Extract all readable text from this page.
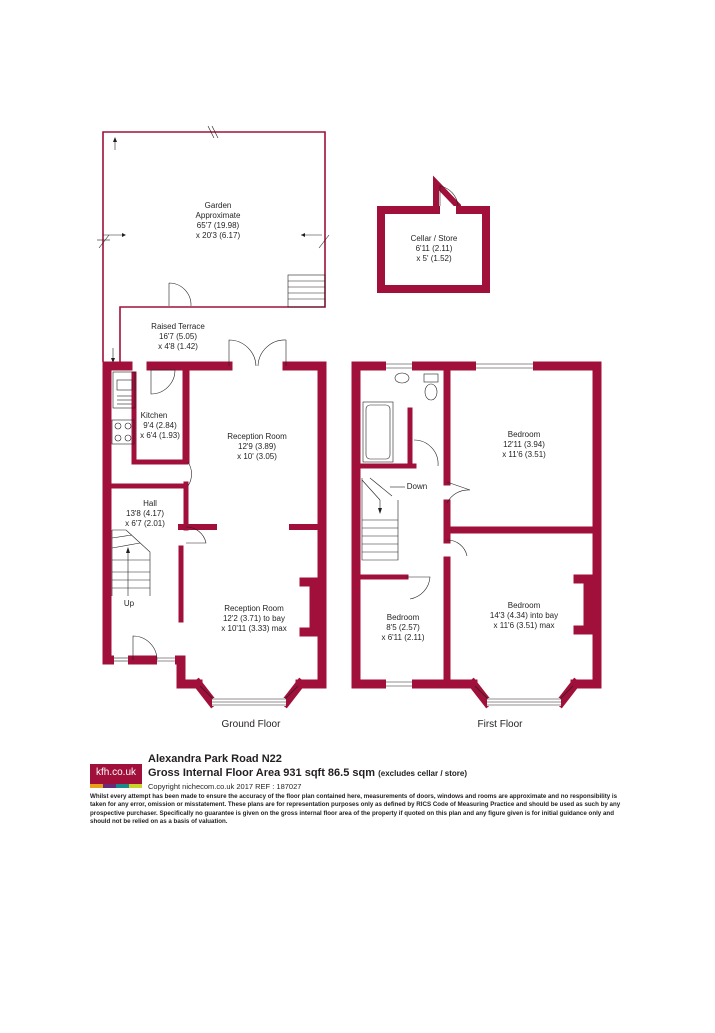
Garden
Approximate
65'7 (19.98)
x 20'3 (6.17)
Raised Terrace
16'7 (5.05)
x 4'8 (1.42)
Cellar / Store
6'11 (2.11)
x 5' (1.52)
Up
Kitchen
9'4 (2.84)
x 6'4 (1.93)	Reception Room
12'9 (3.89)
x 10' (3.05)
Hall
13'8 (4.17)
x 6'7 (2.01)
Reception Room
12'2 (3.71) to bay
x 10'11 (3.33) max
Ground Floor
Down
Bedroom
12'11 (3.94)
x 11'6 (3.51)
Bedroom
14'3 (4.34) into bay
x 11'6 (3.51) max
Bedroom
8'5 (2.57)
x 6'11 (2.11)
First Floor
kfh.co.uk
Alexandra Park Road N22
Gross Internal Floor Area 931 sqft 86.5 sqm (excludes cellar / store)
Copyright nichecom.co.uk 2017 REF : 187027
Whilst every attempt has been made to ensure the accuracy of the floor plan contained here, measurements of doors, windows and rooms are approximate and no responsibility is taken for any error, omission or misstatement. These plans are for representation purposes only as defined by RICS Code of Measuring Practice and should be used as such by any prospective purchaser. Specifically no guarantee is given on the gross internal floor area of the property if quoted on this plan and any figure given is for initial guidance only and should not be relied on as a basis of valuation.
